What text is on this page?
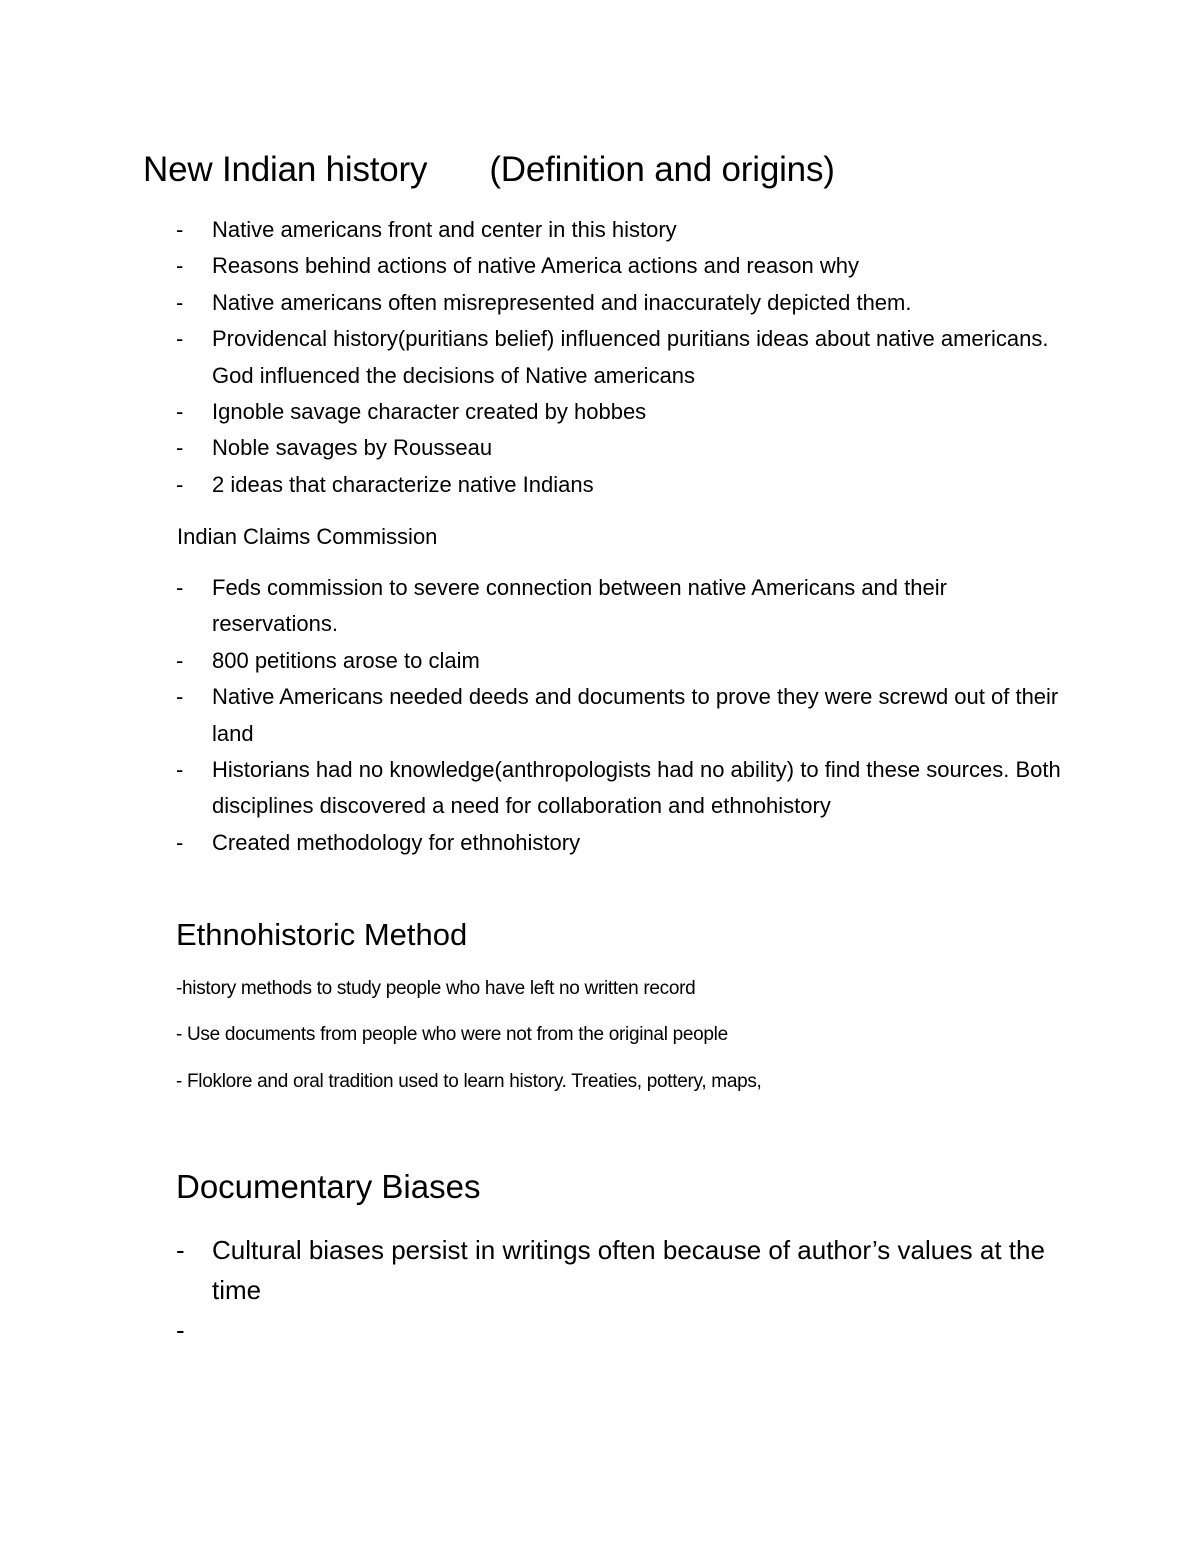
New Indian history (Definition and origins)
- Native americans front and center in this history
- Reasons behind actions of native America actions and reason why
- Native americans often misrepresented and inaccurately depicted them.
- Providencal history(puritians belief) influenced puritians ideas about native americans. God influenced the decisions of Native americans
- Ignoble savage character created by hobbes
- Noble savages by Rousseau
- 2 ideas that characterize native Indians
Indian Claims Commission
- Feds commission to severe connection between native Americans and their reservations.
- 800 petitions arose to claim
- Native Americans needed deeds and documents to prove they were screwd out of their land
- Historians had no knowledge(anthropologists had no ability) to find these sources. Both disciplines discovered a need for collaboration and ethnohistory
- Created methodology for ethnohistory
Ethnohistoric Method
-history methods to study people who have left no written record
- Use documents from people who were not from the original people
- Floklore and oral tradition used to learn history. Treaties, pottery, maps,
Documentary Biases
- Cultural biases persist in writings often because of author’s values at the time
-
